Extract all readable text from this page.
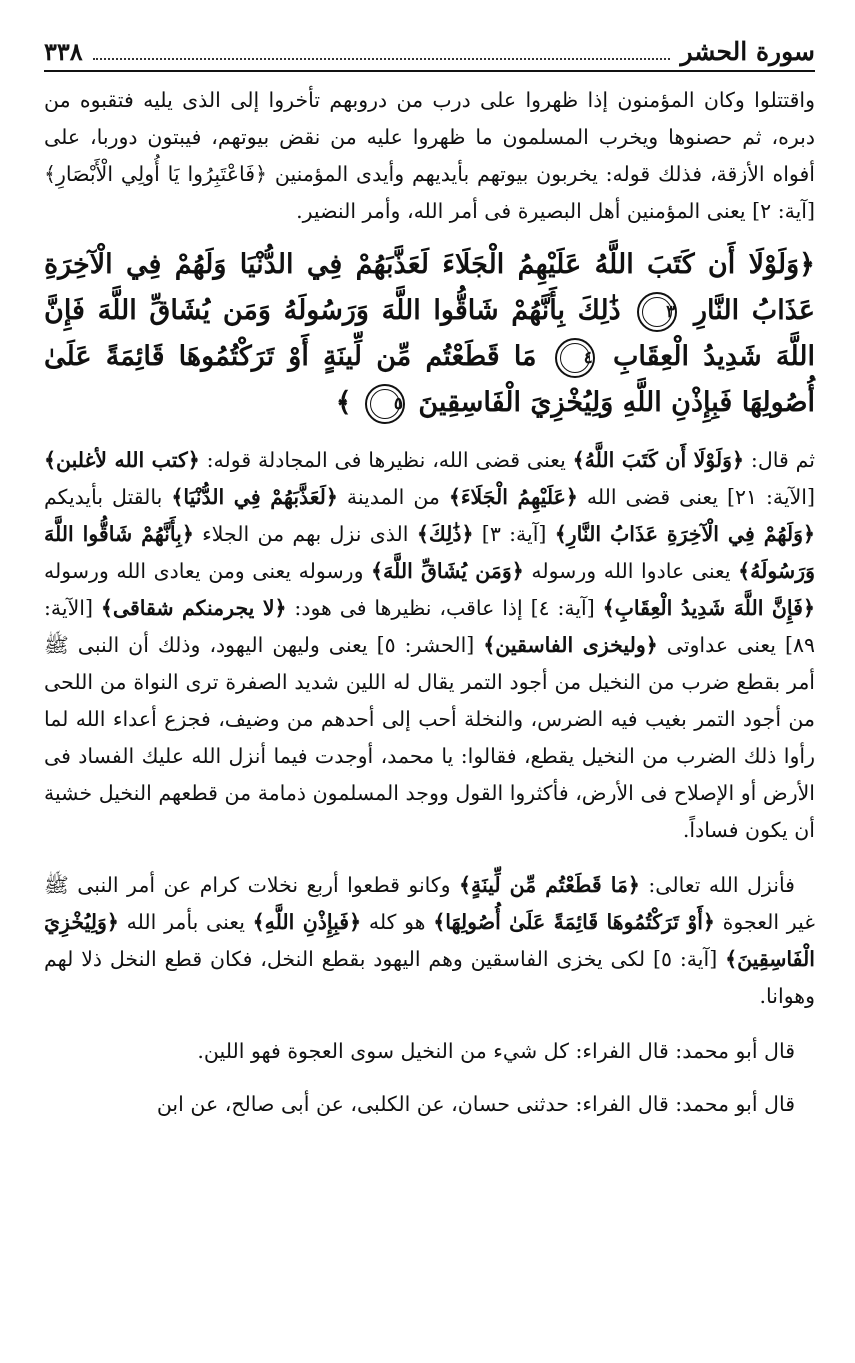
سورة الحشر
٣٣٨

واقتتلوا وكان المؤمنون إذا ظهروا على درب من دروبهم تأخروا إلى الذى يليه فتقبوه من دبره، ثم حصنوها ويخرب المسلمون ما ظهروا عليه من نقض بيوتهم، فيبتون دوربا، على أفواه الأزقة، فذلك قوله: يخربون بيوتهم بأيديهم وأيدى المؤمنين ﴿فَاعْتَبِرُوا يَا أُولِي الْأَبْصَارِ﴾ [آية: ٢] يعنى المؤمنين أهل البصيرة فى أمر الله، وأمر النضير.

﴿وَلَوْلَا أَن كَتَبَ اللَّهُ عَلَيْهِمُ الْجَلَاءَ لَعَذَّبَهُمْ فِي الدُّنْيَا وَلَهُمْ فِي الْآخِرَةِ عَذَابُ النَّارِ ٣ ذَٰلِكَ بِأَنَّهُمْ شَاقُّوا اللَّهَ وَرَسُولَهُ وَمَن يُشَاقِّ اللَّهَ فَإِنَّ اللَّهَ شَدِيدُ الْعِقَابِ ٤ مَا قَطَعْتُم مِّن لِّينَةٍ أَوْ تَرَكْتُمُوهَا قَائِمَةً عَلَىٰ أُصُولِهَا فَبِإِذْنِ اللَّهِ وَلِيُخْزِيَ الْفَاسِقِينَ ٥ ﴾

ثم قال: ﴿وَلَوْلَا أَن كَتَبَ اللَّهُ﴾ يعنى قضى الله، نظيرها فى المجادلة قوله: ﴿كتب الله لأغلبن﴾ [الآية: ٢١] يعنى قضى الله ﴿عَلَيْهِمُ الْجَلَاءَ﴾ من المدينة ﴿لَعَذَّبَهُمْ فِي الدُّنْيَا﴾ بالقتل بأيديكم ﴿وَلَهُمْ فِي الْآخِرَةِ عَذَابُ النَّارِ﴾ [آية: ٣] ﴿ذَٰلِكَ﴾ الذى نزل بهم من الجلاء ﴿بِأَنَّهُمْ شَاقُّوا اللَّهَ وَرَسُولَهُ﴾ يعنى عادوا الله ورسوله ﴿وَمَن يُشَاقِّ اللَّهَ﴾ ورسوله يعنى ومن يعادى الله ورسوله ﴿فَإِنَّ اللَّهَ شَدِيدُ الْعِقَابِ﴾ [آية: ٤] إذا عاقب، نظيرها فى هود: ﴿لا يجرمنكم شقاقى﴾ [الآية: ٨٩] يعنى عداوتى ﴿وليخزى الفاسقين﴾ [الحشر: ٥] يعنى وليهن اليهود، وذلك أن النبى ﷺ أمر بقطع ضرب من النخيل من أجود التمر يقال له اللين شديد الصفرة ترى النواة من اللحى من أجود التمر بغيب فيه الضرس، والنخلة أحب إلى أحدهم من وضيف، فجزع أعداء الله لما رأوا ذلك الضرب من النخيل يقطع، فقالوا: يا محمد، أوجدت فيما أنزل الله عليك الفساد فى الأرض أو الإصلاح فى الأرض، فأكثروا القول ووجد المسلمون ذمامة من قطعهم النخيل خشية أن يكون فساداً.

فأنزل الله تعالى: ﴿مَا قَطَعْتُم مِّن لِّينَةٍ﴾ وكانو قطعوا أربع نخلات كرام عن أمر النبى ﷺ غير العجوة ﴿أَوْ تَرَكْتُمُوهَا قَائِمَةً عَلَىٰ أُصُولِهَا﴾ هو كله ﴿فَبِإِذْنِ اللَّهِ﴾ يعنى بأمر الله ﴿وَلِيُخْزِيَ الْفَاسِقِينَ﴾ [آية: ٥] لكى يخزى الفاسقين وهم اليهود بقطع النخل، فكان قطع النخل ذلا لهم وهوانا.

قال أبو محمد: قال الفراء: كل شيء من النخيل سوى العجوة فهو اللين.

قال أبو محمد: قال الفراء: حدثنى حسان، عن الكلبى، عن أبى صالح، عن ابن
